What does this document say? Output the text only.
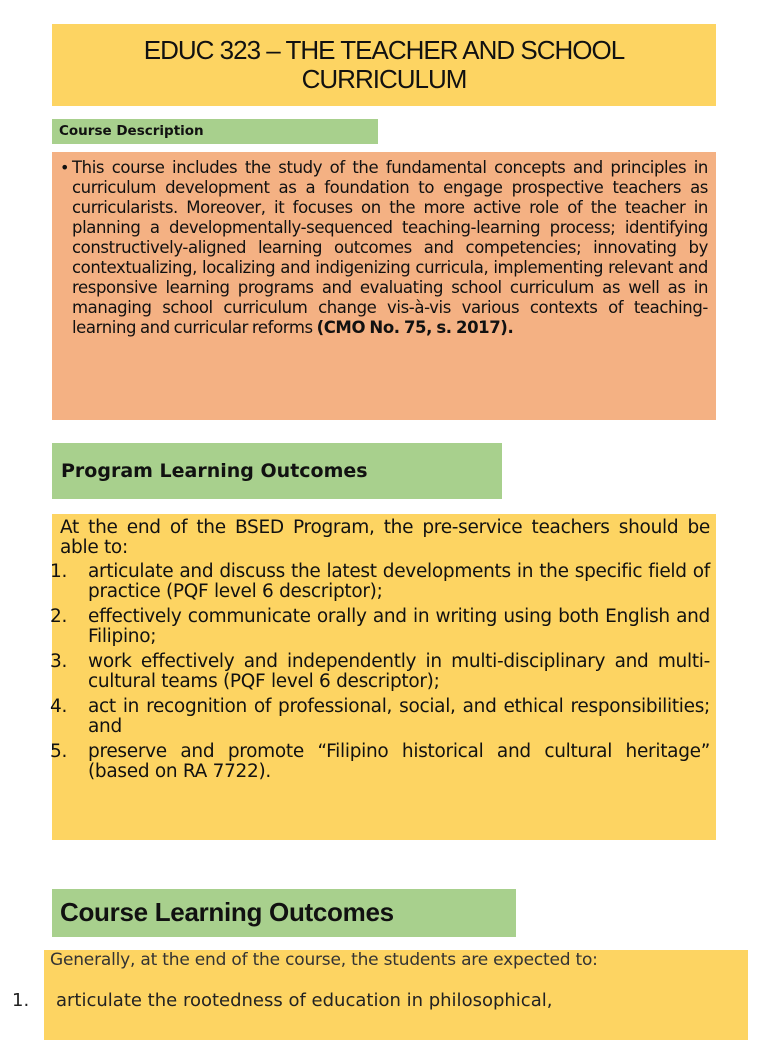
EDUC 323 – THE TEACHER AND SCHOOL CURRICULUM
Course Description
• This course includes the study of the fundamental concepts and principles in curriculum development as a foundation to engage prospective teachers as curricularists. Moreover, it focuses on the more active role of the teacher in planning a developmentally-sequenced teaching-learning process; identifying constructively-aligned learning outcomes and competencies; innovating by contextualizing, localizing and indigenizing curricula, implementing relevant and responsive learning programs and evaluating school curriculum as well as in managing school curriculum change vis-à-vis various contexts of teaching-learning and curricular reforms (CMO No. 75, s. 2017).
Program Learning Outcomes

At the end of the BSED Program, the pre-service teachers should be able to:

1.	articulate and discuss the latest developments in the specific field of practice (PQF level 6 descriptor);
2.	effectively communicate orally and in writing using both English and Filipino;
3.	work effectively and independently in multi-disciplinary and multi-cultural teams (PQF level 6 descriptor);
4.	act in recognition of professional, social, and ethical responsibilities; and
5.	preserve and promote “Filipino historical and cultural heritage” (based on RA 7722).
Course Learning Outcomes

Generally, at the end of the course, the students are expected to:

1.	articulate the rootedness of education in philosophical,
